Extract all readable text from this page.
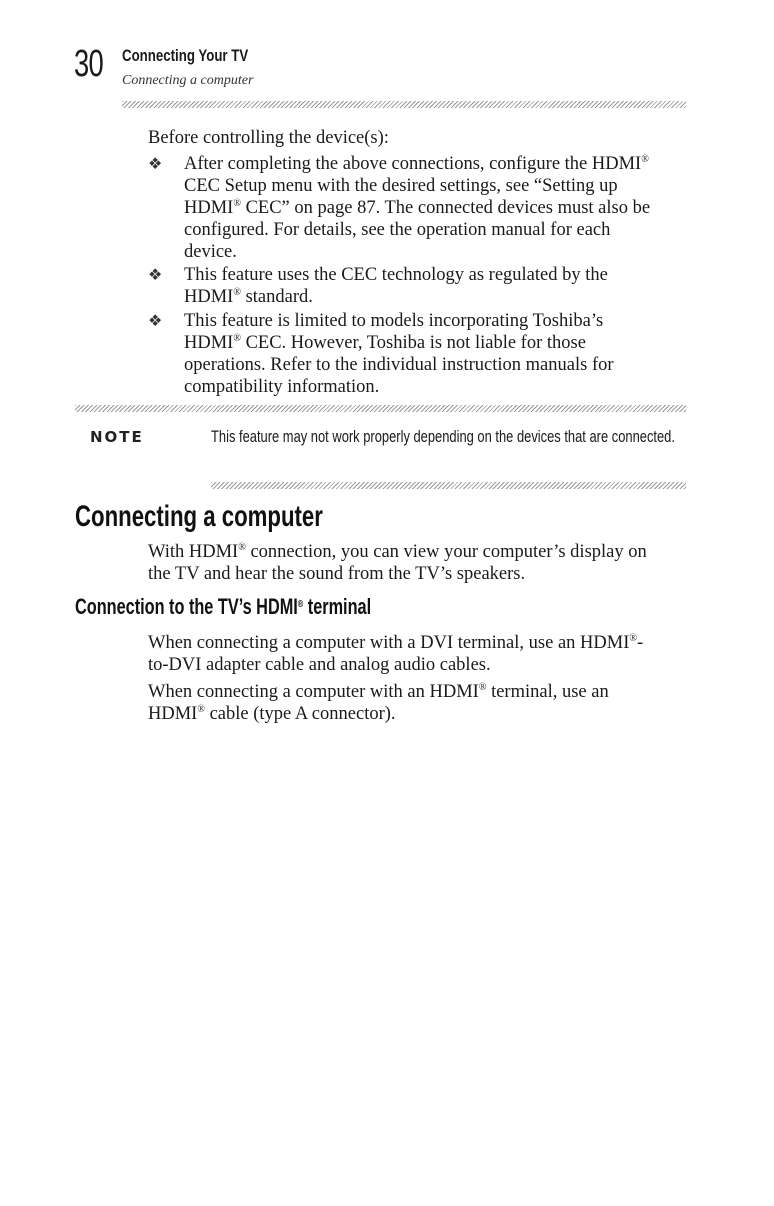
30 Connecting Your TV
Connecting a computer
Before controlling the device(s):
❖ After completing the above connections, configure the HDMI®
CEC Setup menu with the desired settings, see “Setting up
HDMI® CEC” on page 87. The connected devices must also be
configured. For details, see the operation manual for each
device.
❖ This feature uses the CEC technology as regulated by the
HDMI® standard.
❖ This feature is limited to models incorporating Toshiba’s
HDMI® CEC. However, Toshiba is not liable for those
operations. Refer to the individual instruction manuals for
compatibility information.
NOTE	This feature may not work properly depending on the devices that are connected.
Connecting a computer
With HDMI® connection, you can view your computer’s display on
the TV and hear the sound from the TV’s speakers.
Connection to the TV’s HDMI® terminal
When connecting a computer with a DVI terminal, use an HDMI®-
to-DVI adapter cable and analog audio cables.
When connecting a computer with an HDMI® terminal, use an
HDMI® cable (type A connector).
